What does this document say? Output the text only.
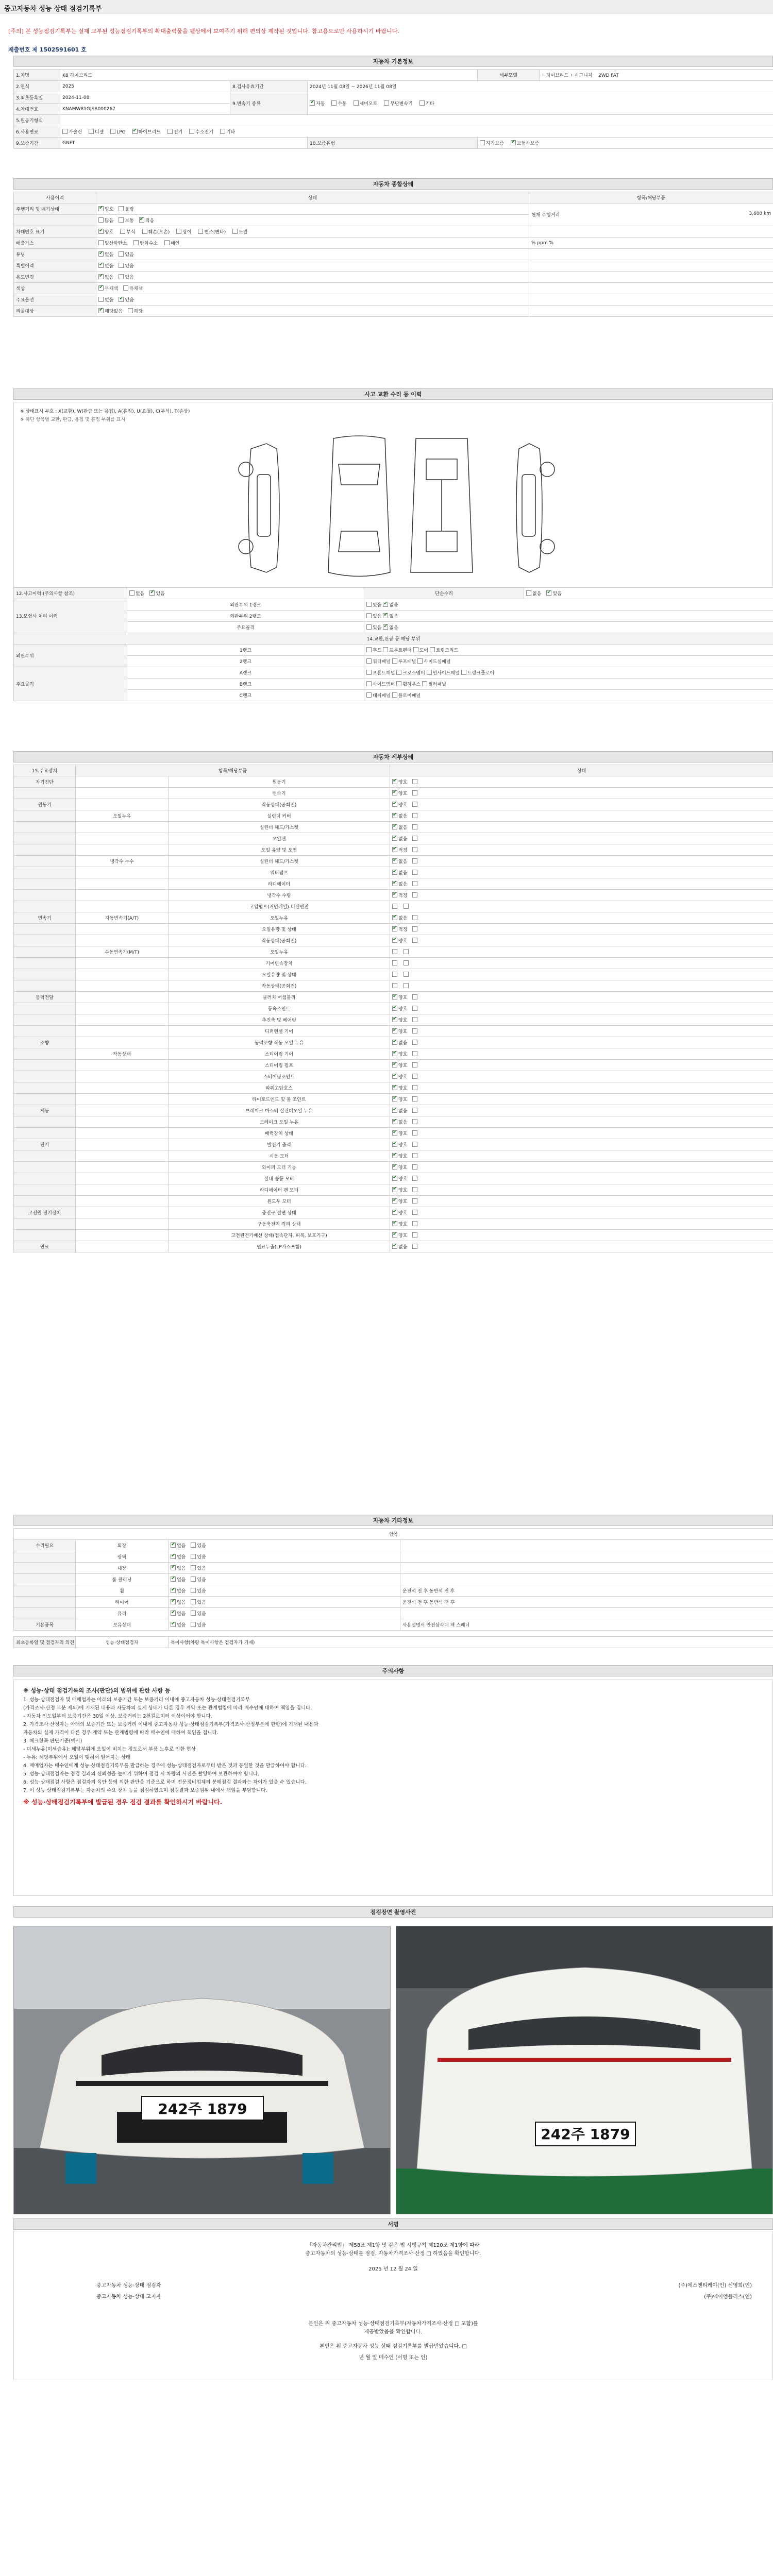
중고자동차 성능 상태 점검기록부
[주의] 본 성능점검기록부는 실제 교부된 성능점검기록부의 확대출력물을 웹상에서 보여주기 위해 편의상 제작된 것입니다. 참고용으로만 사용하시기 바랍니다.
제출번호 제 1502591601 호
자동차 기본정보
1.차명	K8 하이브리드			세부모델	ㄴ하이브리드 ㄴ시그니처 2WD FAT
2.연식	2025	8.검사유효기간	2024년 11월 08일 ~ 2026년 11월 08일		
3.최초등록일	2024-11-08	9.변속기 종류	✔자동 수동 세미오토 무단변속기 기타
4.차대번호	KNAMW81GJSA000267				
5.원동기형식					
6.사용연료	가솔린 디젤 LPG ✔ 하이브리드 전기 수소전기 기타
9.보증기간	GNFT		10.보증유형	자가보증 ✔ 보험사보증
자동차 종합상태
사용이력	상태	항목/해당부품
주행거리 및 계기상태	✔양호 불량	현재 주행거리 3,600 km

	많음 보통 ✔ 적음
차대번호 표기	✔양호 부식 훼손(오손) 상이 변조(변타) 도말	
배출가스	일산화탄소 탄화수소 매연	% ppm %
튜닝	✔없음 있음	
특별이력	✔없음 있음	
용도변경	✔없음 있음	
색상	✔무채색 유채색	
주요옵션	없음 ✔ 있음	
리콜대상	✔해당없음 해당	
사고 교환 수리 등 이력
※ 상태표시 부호 : X(교환), W(판금 또는 용접), A(흠집), U(요철), C(부식), T(손상)
※ 하단 항목별 교환, 판금, 용접 및 흠집 부위를 표시
12.사고이력 (주의사항 참조)	없음 ✔ 있음	단순수리	없음 ✔ 있음
13.보험사 처리 이력	외판부위 1랭크	있음 ✔없음
	외판부위 2랭크	있음 ✔없음
	주요골격	있음 ✔없음
14.교환,판금 등 해당 부위			
외판부위	1랭크	후드 프론트펜더 도어 트렁크리드	
	2랭크	쿼터패널 루프패널 사이드실패널	
주요골격	A랭크	프론트패널 크로스멤버 인사이드패널 트렁크플로어	
	B랭크	사이드멤버 휠하우스 필러패널	
	C랭크	대쉬패널 플로어패널	
자동차 세부상태
15.주요장치	항목/해당부품		상태
자기진단		원동기	✔양호
		변속기	✔양호
원동기		작동상태(공회전)	✔양호
	오일누유	실린더 커버	✔없음
		실린더 헤드/가스켓	✔없음
		오일팬	✔없음
		오일 유량 및 오염	✔적정
	냉각수 누수	실린더 헤드/가스켓	✔없음
		워터펌프	✔없음
		라디에이터	✔없음
		냉각수 수량	✔적정
		고압펌프(커먼레일)-디젤엔진	
변속기	자동변속기(A/T)	오일누유	✔없음
		오일유량 및 상태	✔적정
		작동상태(공회전)	✔양호
	수동변속기(M/T)	오일누유	
		기어변속장치	
		오일유량 및 상태	
		작동상태(공회전)	
동력전달		클러치 어셈블리	✔양호
		등속조인트	✔양호
		추진축 및 베어링	✔양호
		디퍼렌셜 기어	✔양호
조향		동력조향 작동 오일 누유	✔없음
	작동상태	스티어링 기어	✔양호
		스티어링 펌프	✔양호
		스티어링조인트	✔양호
		파워고압호스	✔양호
		타이로드엔드 및 볼 조인트	✔양호
제동		브레이크 마스터 실린더오일 누유	✔없음
		브레이크 오일 누유	✔없음
		배력장치 상태	✔양호
전기		발전기 출력	✔양호
		시동 모터	✔양호
		와이퍼 모터 기능	✔양호
		실내 송풍 모터	✔양호
		라디에이터 팬 모터	✔양호
		윈도우 모터	✔양호
고전원 전기장치		충전구 절연 상태	✔양호
		구동축전지 격리 상태	✔양호
		고전원전기배선 상태(접속단자, 피복, 보호기구)	✔양호
연료		연료누출(LP가스포함)	✔없음
자동차 기타정보
항목			
수리필요	외장	✔없음 있음	
	광택	✔없음 있음	
	내장	✔없음 있음	
	룸 클리닝	✔없음 있음	
	휠	✔없음 있음	운전석 전 후 동반석 전 후
	타이어	✔없음 있음	운전석 전 후 동반석 전 후
	유리	✔없음 있음	
기본품목	보유상태	✔없음 있음	사용설명서 안전삼각대 잭 스패너
최초등록일 및 점검자의 의견	성능·상태점검자	특이사항(차량 특이사항은 점검자가 기재)
주의사항

※ 성능·상태 점검기록의 조사(판단)의 범위에 관한 사항 등

1. 성능·상태점검자 및 매매업자는 아래의 보증기간 또는 보증거리 이내에 중고자동차 성능·상태점검기록부

(가격조사·산정 부분 제외)에 기재된 내용과 자동차의 실제 상태가 다른 경우 계약 또는 관계법령에 따라 매수인에 대하여 책임을 집니다.

- 자동차 인도일부터 보증기간은 30일 이상, 보증거리는 2천킬로미터 이상이어야 합니다.

2. 가격조사·산정자는 아래의 보증기간 또는 보증거리 이내에 중고자동차 성능·상태점검기록부(가격조사·산정부분에 한함)에 기재된 내용과

자동차의 실제 가격이 다른 경우 계약 또는 관계법령에 따라 매수인에 대하여 책임을 집니다.

3. 체크항목 판단기준(예시)

- 미세누유(미세습유): 해당부위에 오일이 비치는 정도로서 부품 노후로 인한 현상

- 누유: 해당부위에서 오일이 맺혀서 떨어지는 상태

4. 매매업자는 매수인에게 성능·상태점검기록부를 발급하는 경우에 성능·상태점검자로부터 받은 것과 동일한 것을 발급하여야 합니다.

5. 성능·상태점검자는 점검 결과의 신뢰성을 높이기 위하여 점검 시 차량의 사진을 촬영하여 보관하여야 합니다.

6. 성능·상태점검 사항은 점검자의 육안 등에 의한 판단을 기준으로 하며 전문정비업체의 분해점검 결과와는 차이가 있을 수 있습니다.

7. 이 성능·상태점검기록부는 자동차의 주요 장치 등을 점검하였으며 점검결과 보증범위 내에서 책임을 부담합니다.

※ 성능·상태점검기록부에 발급된 경우 점검 결과를 확인하시기 바랍니다.

점검장면 촬영사진
242주 1879
242주 1879
서명
「자동차관리법」 제58조 제1항 및 같은 법 시행규칙 제120조 제1항에 따라
중고자동차의 성능·상태를 점검, 자동차가격조사·산정 □ 하였음을 확인합니다.
2025 년 12 월 24 일
중고자동차 성능·상태 점검자	(주)에스엔티케이(인) 신영희(인)
중고자동차 성능·상태 고지자	(주)에이엠플러스(인)
본인은 위 중고자동차 성능·상태점검기록부(자동차가격조사·산정 □ 포함)를
제공받았음을 확인합니다.
본인은 위 중고자동차 성능 상태 점검기록부를 발급받았습니다. □
년 월 일 매수인 (서명 또는 인)
